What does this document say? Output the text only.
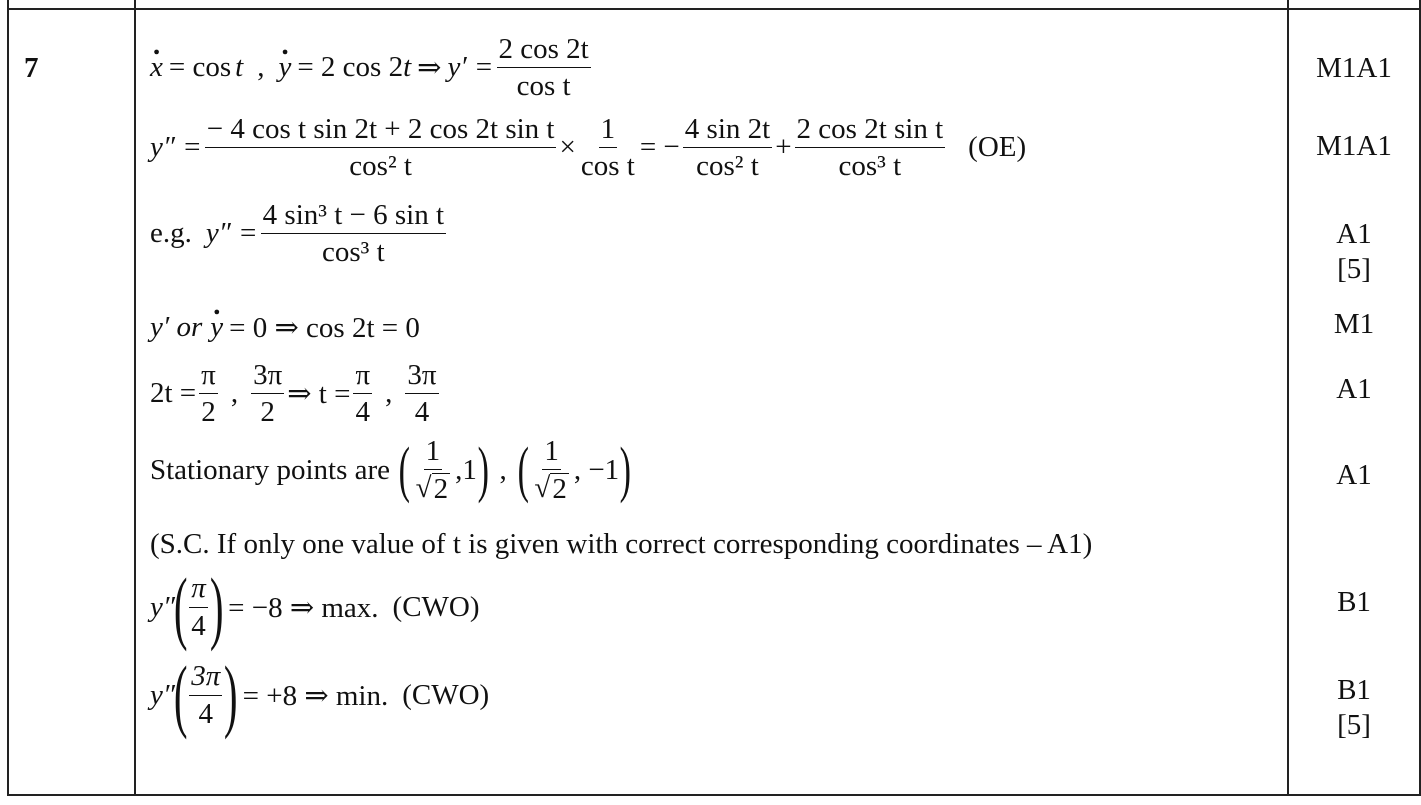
7	x . = cos t , y . = 2 cos 2 t ⇒ $y' = \frac{2 \cos 2t}{\text{cos t}}$
$y'' = \frac{\text{− 4 cos t sin 2t + 2 cos 2t sin t}}{\text{cos² t}} \times \frac{1}{\text{cos t}}$ = − $\frac{4 \sin 2t}{\text{cos² t}} + \frac{\text{2 cos 2t sin t}}{\text{cos³ t}} (OE)$
e.g. $y'' = \frac{\text{4 sin³ t − 6 sin t}}{\text{cos³ t}}$
y′ or y . = 0 ⇒ cos 2t = 0
$2t = \frac{\pi}{2}$ , $\frac{3\pi}{2}$ ⇒ $t = \frac{\pi}{4}$ , $\frac{3\pi}{4}$
Stationary points are ( $\frac{1}{√ 2} ,1$ ) , ( $\frac{1}{√ 2}$ , −1 )
(S.C. If only one value of t is given with correct corresponding coordinates – A1)
y″
( $\frac{\pi}{4}$ ) = −8 ⇒ max. (CWO)
y″
( $\frac{3\pi}{4}$ ) = +8 ⇒ min. (CWO)
M1A1
M1A1
A1
[5]
M1
A1
A1
B1
B1
[5]
